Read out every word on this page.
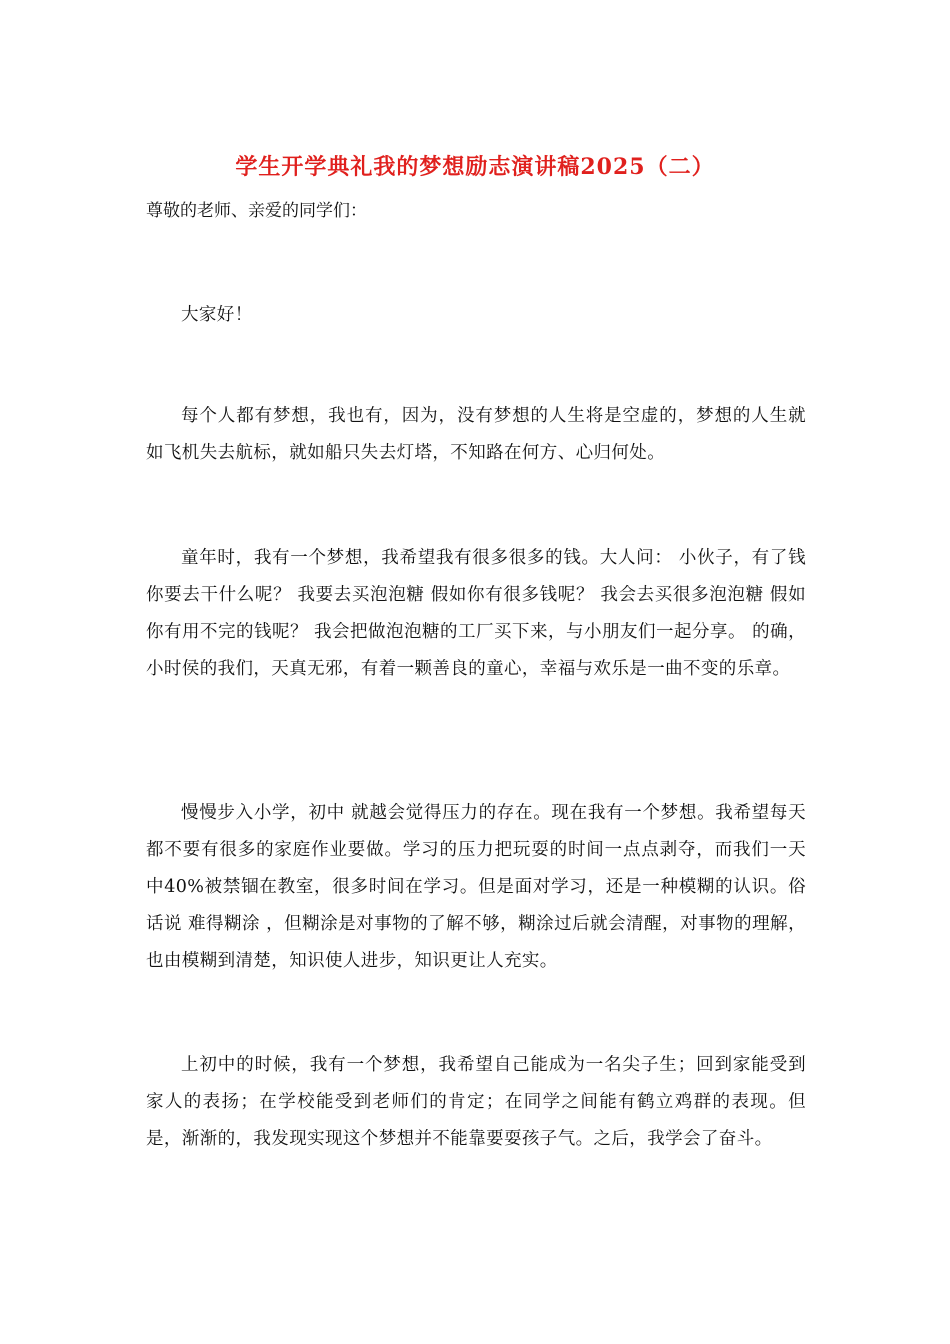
学生开学典礼我的梦想励志演讲稿2025（二）
尊敬的老师、亲爱的同学们：

大家好！

每个人都有梦想，我也有，因为，没有梦想的人生将是空虚的，梦想的人生就如飞机失去航标，就如船只失去灯塔，不知路在何方、心归何处。

童年时，我有一个梦想，我希望我有很多很多的钱。大人问： 小伙子，有了钱你要去干什么呢？ 我要去买泡泡糖 假如你有很多钱呢？ 我会去买很多泡泡糖 假如你有用不完的钱呢？ 我会把做泡泡糖的工厂买下来，与小朋友们一起分享。 的确，小时侯的我们，天真无邪，有着一颗善良的童心，幸福与欢乐是一曲不变的乐章。

慢慢步入小学，初中 就越会觉得压力的存在。现在我有一个梦想。我希望每天都不要有很多的家庭作业要做。学习的压力把玩耍的时间一点点剥夺，而我们一天中40%被禁锢在教室，很多时间在学习。但是面对学习，还是一种模糊的认识。俗话说 难得糊涂 ，但糊涂是对事物的了解不够，糊涂过后就会清醒，对事物的理解，也由模糊到清楚，知识使人进步，知识更让人充实。

上初中的时候，我有一个梦想，我希望自己能成为一名尖子生；回到家能受到家人的表扬；在学校能受到老师们的肯定；在同学之间能有鹤立鸡群的表现。但是，渐渐的，我发现实现这个梦想并不能靠要耍孩子气。之后，我学会了奋斗。
